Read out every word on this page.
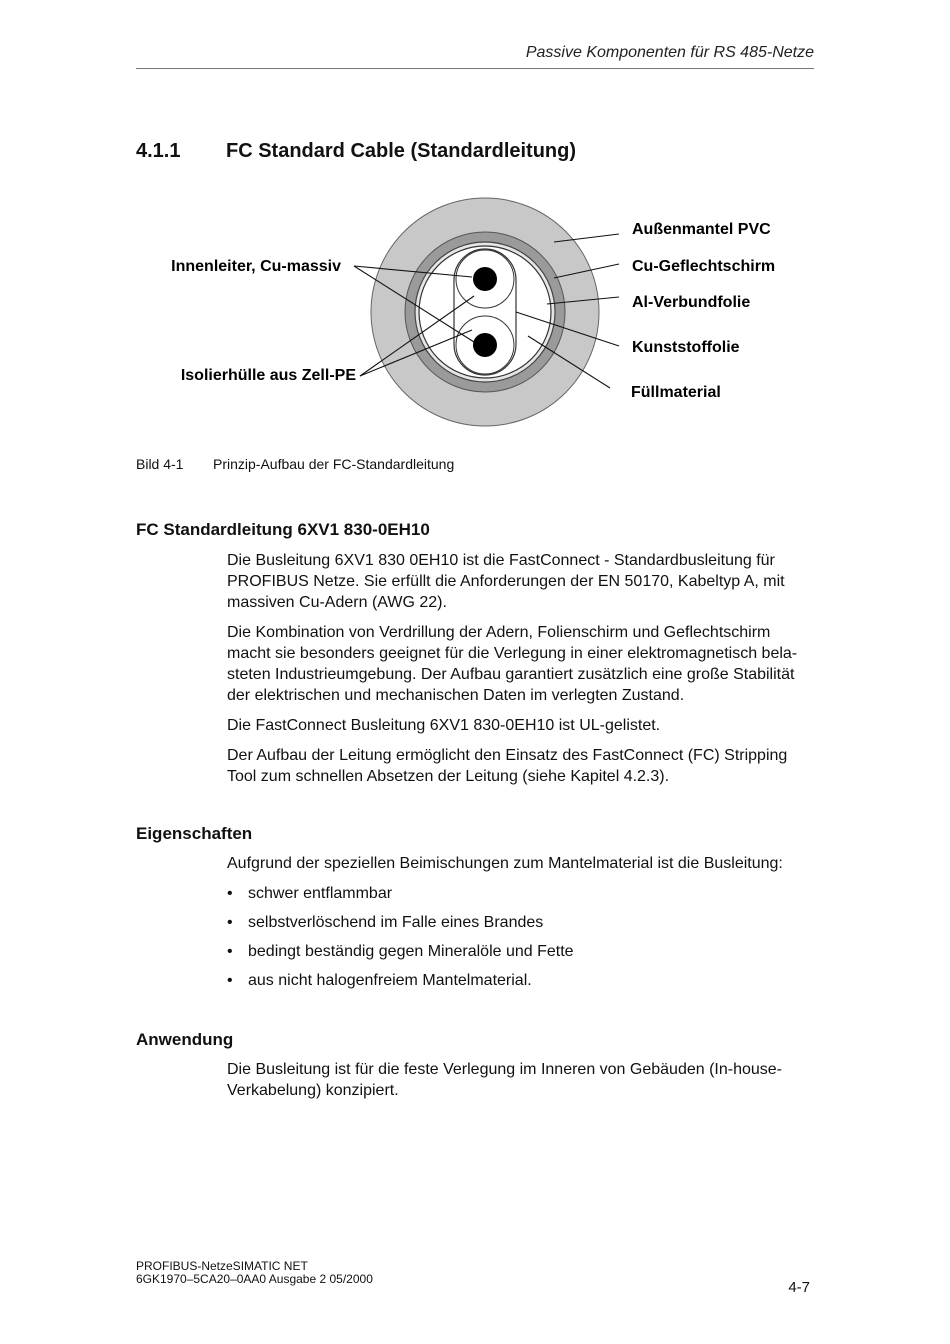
Passive Komponenten für RS 485-Netze
4.1.1 FC Standard Cable (Standardleitung)
Innenleiter, Cu-massiv
Isolierhülle aus Zell-PE
Außenmantel PVC
Cu-Geflechtschirm
Al-Verbundfolie
Kunststoffolie
Füllmaterial
Bild 4-1 Prinzip-Aufbau der FC-Standardleitung
FC Standardleitung 6XV1 830-0EH10

Die Busleitung 6XV1 830 0EH10 ist die FastConnect - Standardbusleitung für PROFIBUS Netze. Sie erfüllt die Anforderungen der EN 50170, Kabeltyp A, mit massiven Cu-Adern (AWG 22).

Die Kombination von Verdrillung der Adern, Folienschirm und Geflechtschirm macht sie besonders geeignet für die Verlegung in einer elektromagnetisch bela-steten Industrieumgebung. Der Aufbau garantiert zusätzlich eine große Stabilität der elektrischen und mechanischen Daten im verlegten Zustand.

Die FastConnect Busleitung 6XV1 830-0EH10 ist UL-gelistet.

Der Aufbau der Leitung ermöglicht den Einsatz des FastConnect (FC) Stripping Tool zum schnellen Absetzen der Leitung (siehe Kapitel 4.2.3).

Eigenschaften

Aufgrund der speziellen Beimischungen zum Mantelmaterial ist die Busleitung:

• schwer entflammbar
• selbstverlöschend im Falle eines Brandes
• bedingt beständig gegen Mineralöle und Fette
• aus nicht halogenfreiem Mantelmaterial.
Anwendung

Die Busleitung ist für die feste Verlegung im Inneren von Gebäuden (In-house-Verkabelung) konzipiert.

PROFIBUS-NetzeSIMATIC NET
6GK1970–5CA20–0AA0 Ausgabe 2 05/2000	4-7
